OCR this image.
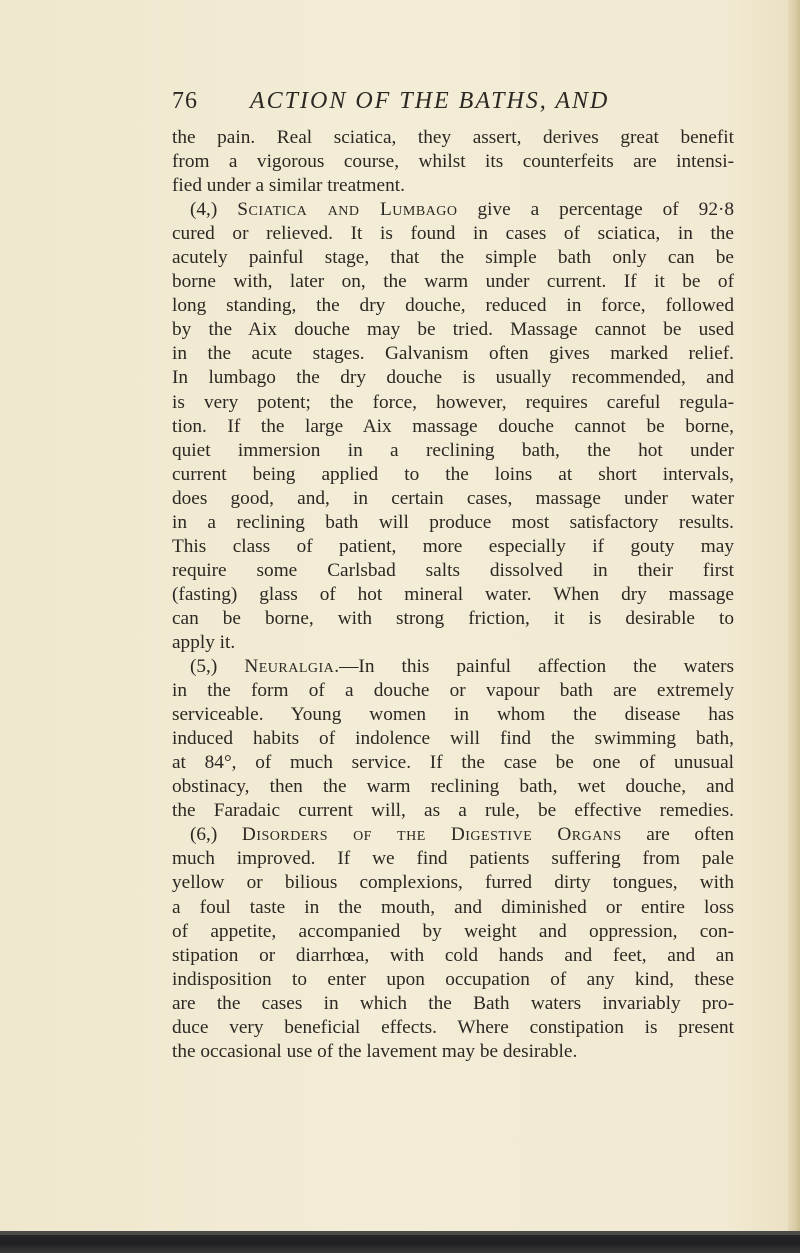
76 ACTION OF THE BATHS, AND
the pain. Real sciatica, they assert, derives great benefit
from a vigorous course, whilst its counterfeits are intensi-
fied under a similar treatment.
(4,) Sciatica and Lumbago give a percentage of 92·8
cured or relieved. It is found in cases of sciatica, in the
acutely painful stage, that the simple bath only can be
borne with, later on, the warm under current. If it be of
long standing, the dry douche, reduced in force, followed
by the Aix douche may be tried. Massage cannot be used
in the acute stages. Galvanism often gives marked relief.
In lumbago the dry douche is usually recommended, and
is very potent; the force, however, requires careful regula-
tion. If the large Aix massage douche cannot be borne,
quiet immersion in a reclining bath, the hot under
current being applied to the loins at short intervals,
does good, and, in certain cases, massage under water
in a reclining bath will produce most satisfactory results.
This class of patient, more especially if gouty may
require some Carlsbad salts dissolved in their first
(fasting) glass of hot mineral water. When dry massage
can be borne, with strong friction, it is desirable to
apply it.
(5,) Neuralgia.—In this painful affection the waters
in the form of a douche or vapour bath are extremely
serviceable. Young women in whom the disease has
induced habits of indolence will find the swimming bath,
at 84°, of much service. If the case be one of unusual
obstinacy, then the warm reclining bath, wet douche, and
the Faradaic current will, as a rule, be effective remedies.
(6,) Disorders of the Digestive Organs are often
much improved. If we find patients suffering from pale
yellow or bilious complexions, furred dirty tongues, with
a foul taste in the mouth, and diminished or entire loss
of appetite, accompanied by weight and oppression, con-
stipation or diarrhœa, with cold hands and feet, and an
indisposition to enter upon occupation of any kind, these
are the cases in which the Bath waters invariably pro-
duce very beneficial effects. Where constipation is present
the occasional use of the lavement may be desirable.
